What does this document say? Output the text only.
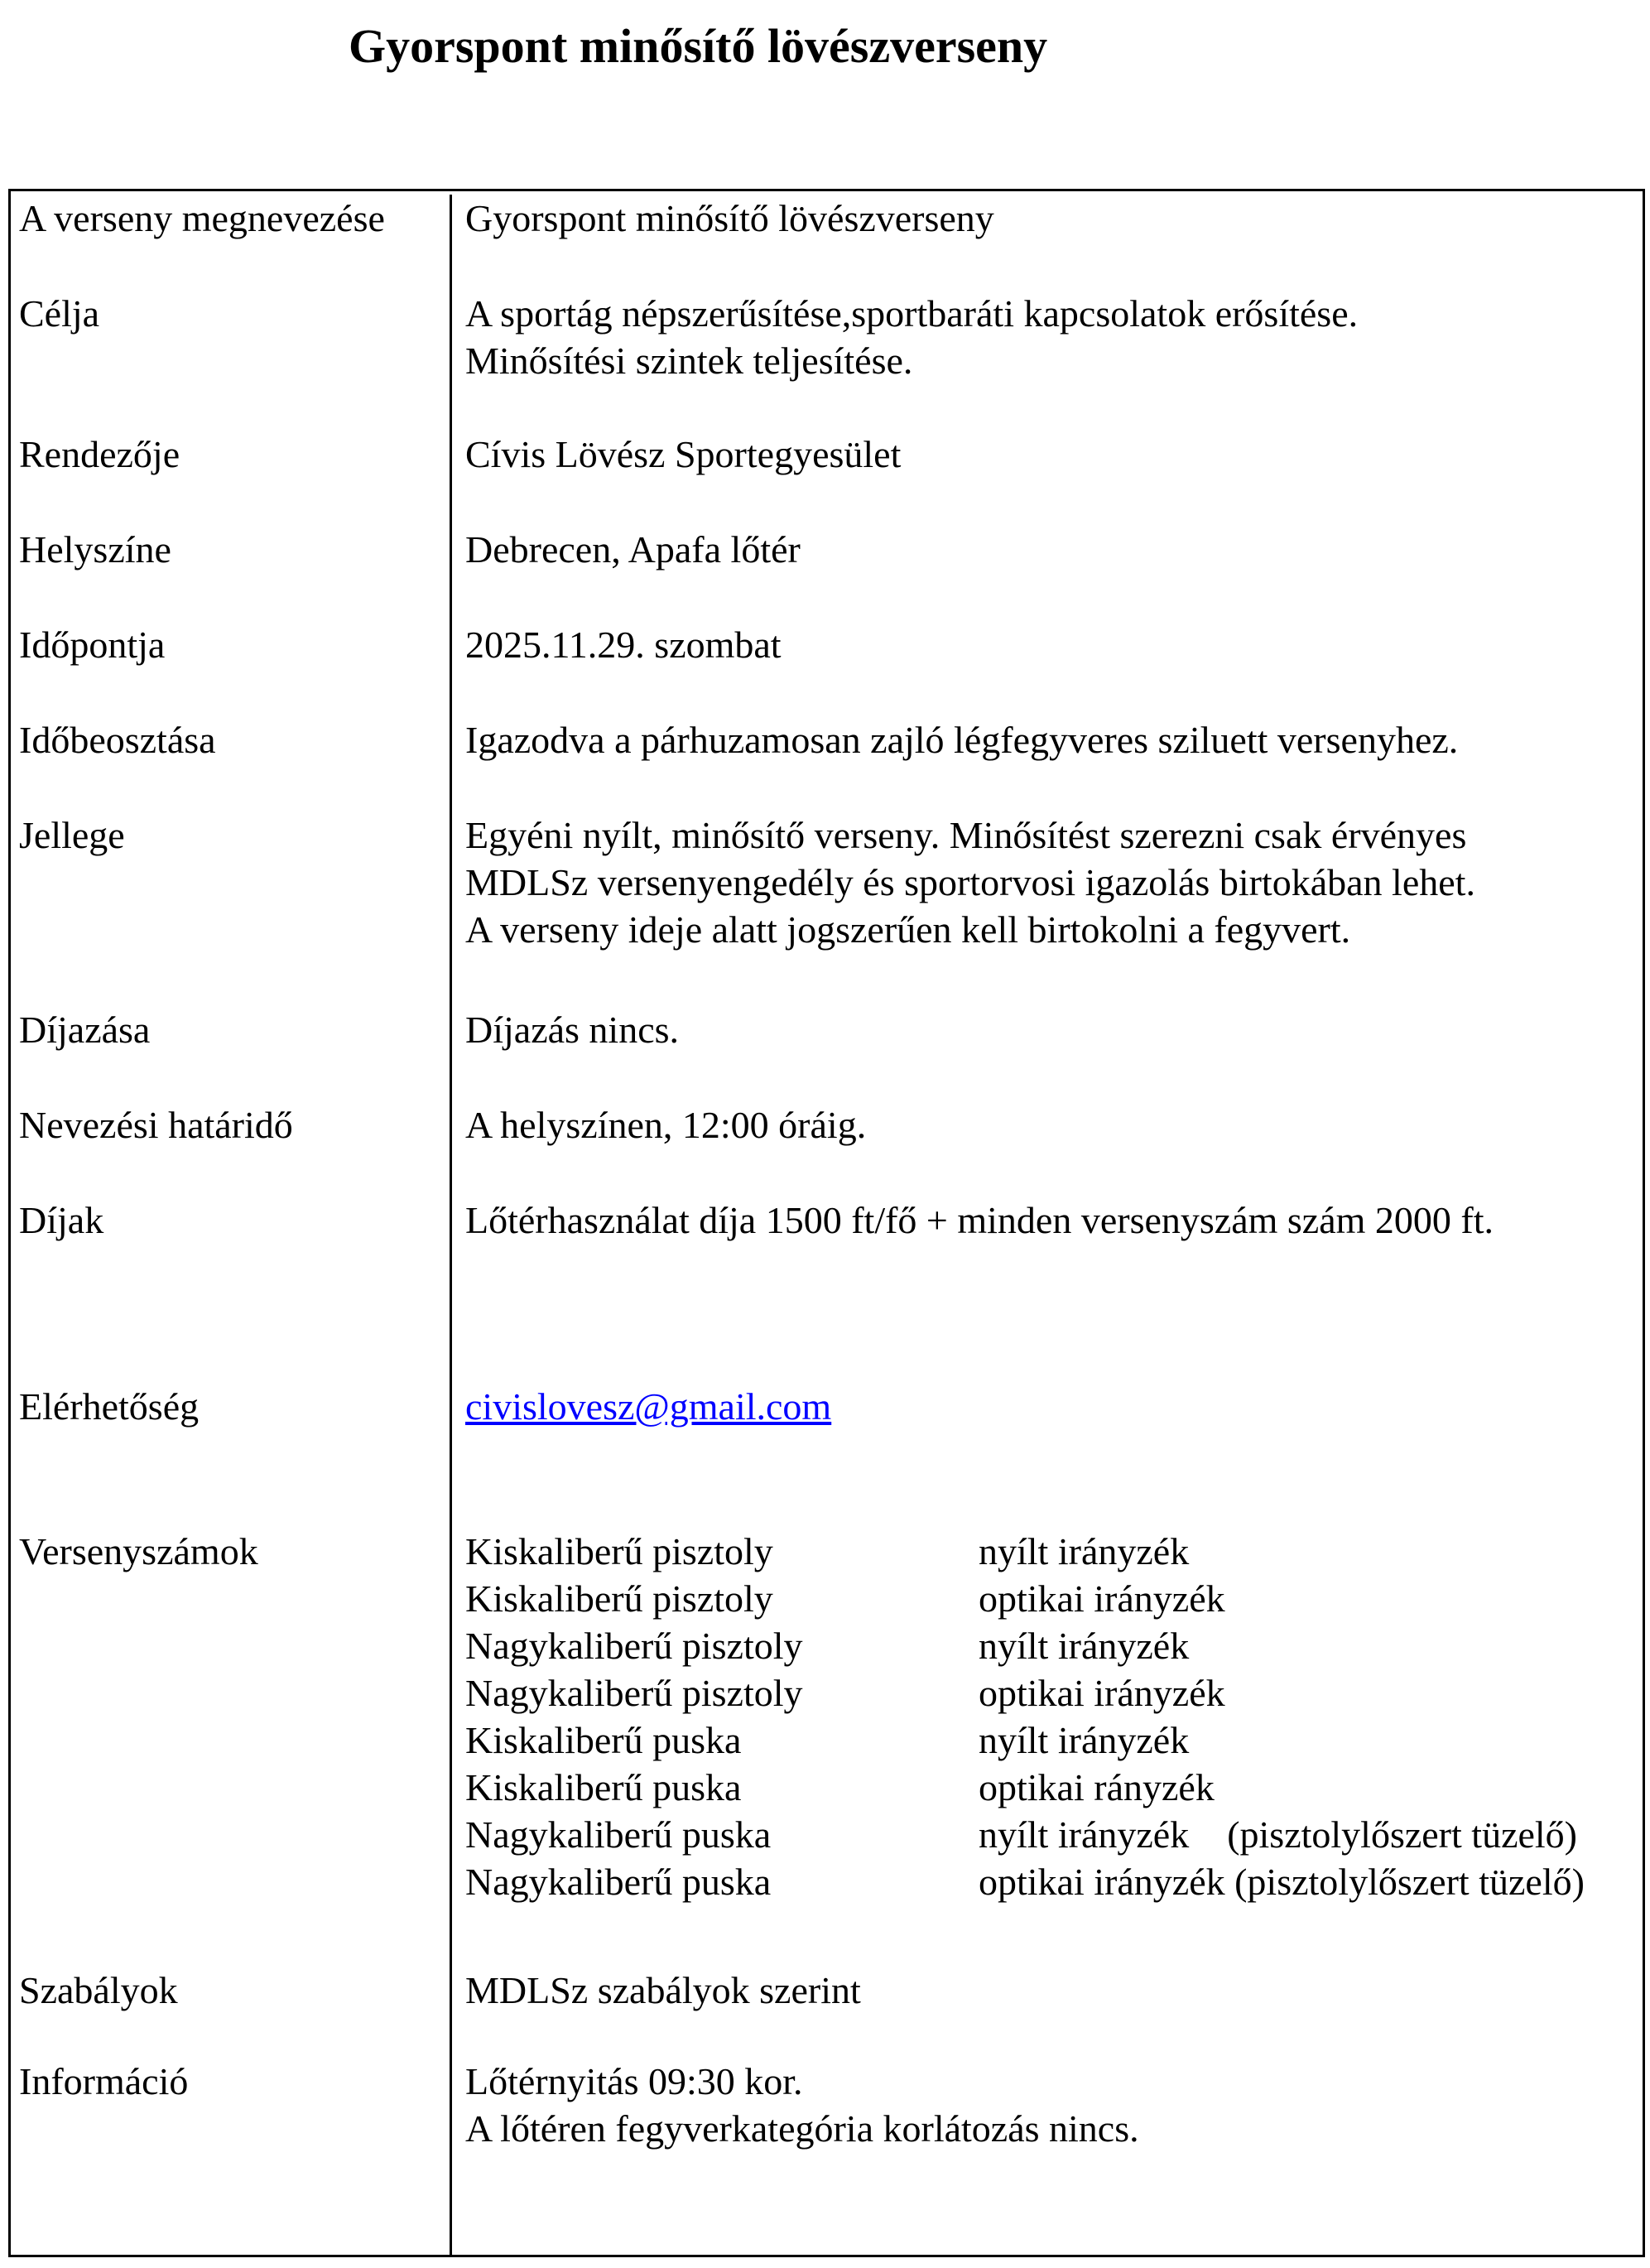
Gyorspont minősítő lövészverseny
A verseny megnevezése	Gyorspont minősítő lövészverseny
Célja	A sportág népszerűsítése,sportbaráti kapcsolatok erősítése.
Minősítési szintek teljesítése.
Rendezője	Cívis Lövész Sportegyesület
Helyszíne	Debrecen, Apafa lőtér
Időpontja	2025.11.29. szombat
Időbeosztása	Igazodva a párhuzamosan zajló légfegyveres sziluett versenyhez.
Jellege	Egyéni nyílt, minősítő verseny. Minősítést szerezni csak érvényes
MDLSz versenyengedély és sportorvosi igazolás birtokában lehet.
A verseny ideje alatt jogszerűen kell birtokolni a fegyvert.
Díjazása	Díjazás nincs.
Nevezési határidő	A helyszínen, 12:00 óráig.
Díjak	Lőtérhasználat díja 1500 ft/fő + minden versenyszám szám 2000 ft.
Elérhetőség	civislovesz@gmail.com
Versenyszámok	Kiskaliberű pisztoly	nyílt irányzék
Kiskaliberű pisztoly	optikai irányzék
Nagykaliberű pisztoly	nyílt irányzék
Nagykaliberű pisztoly	optikai irányzék
Kiskaliberű puska	nyílt irányzék
Kiskaliberű puska	optikai rányzék
Nagykaliberű puska	nyílt irányzék    (pisztolylőszert tüzelő)
Nagykaliberű puska	optikai irányzék (pisztolylőszert tüzelő)
Szabályok	MDLSz szabályok szerint
Információ	Lőtérnyitás 09:30 kor.
A lőtéren fegyverkategória korlátozás nincs.
